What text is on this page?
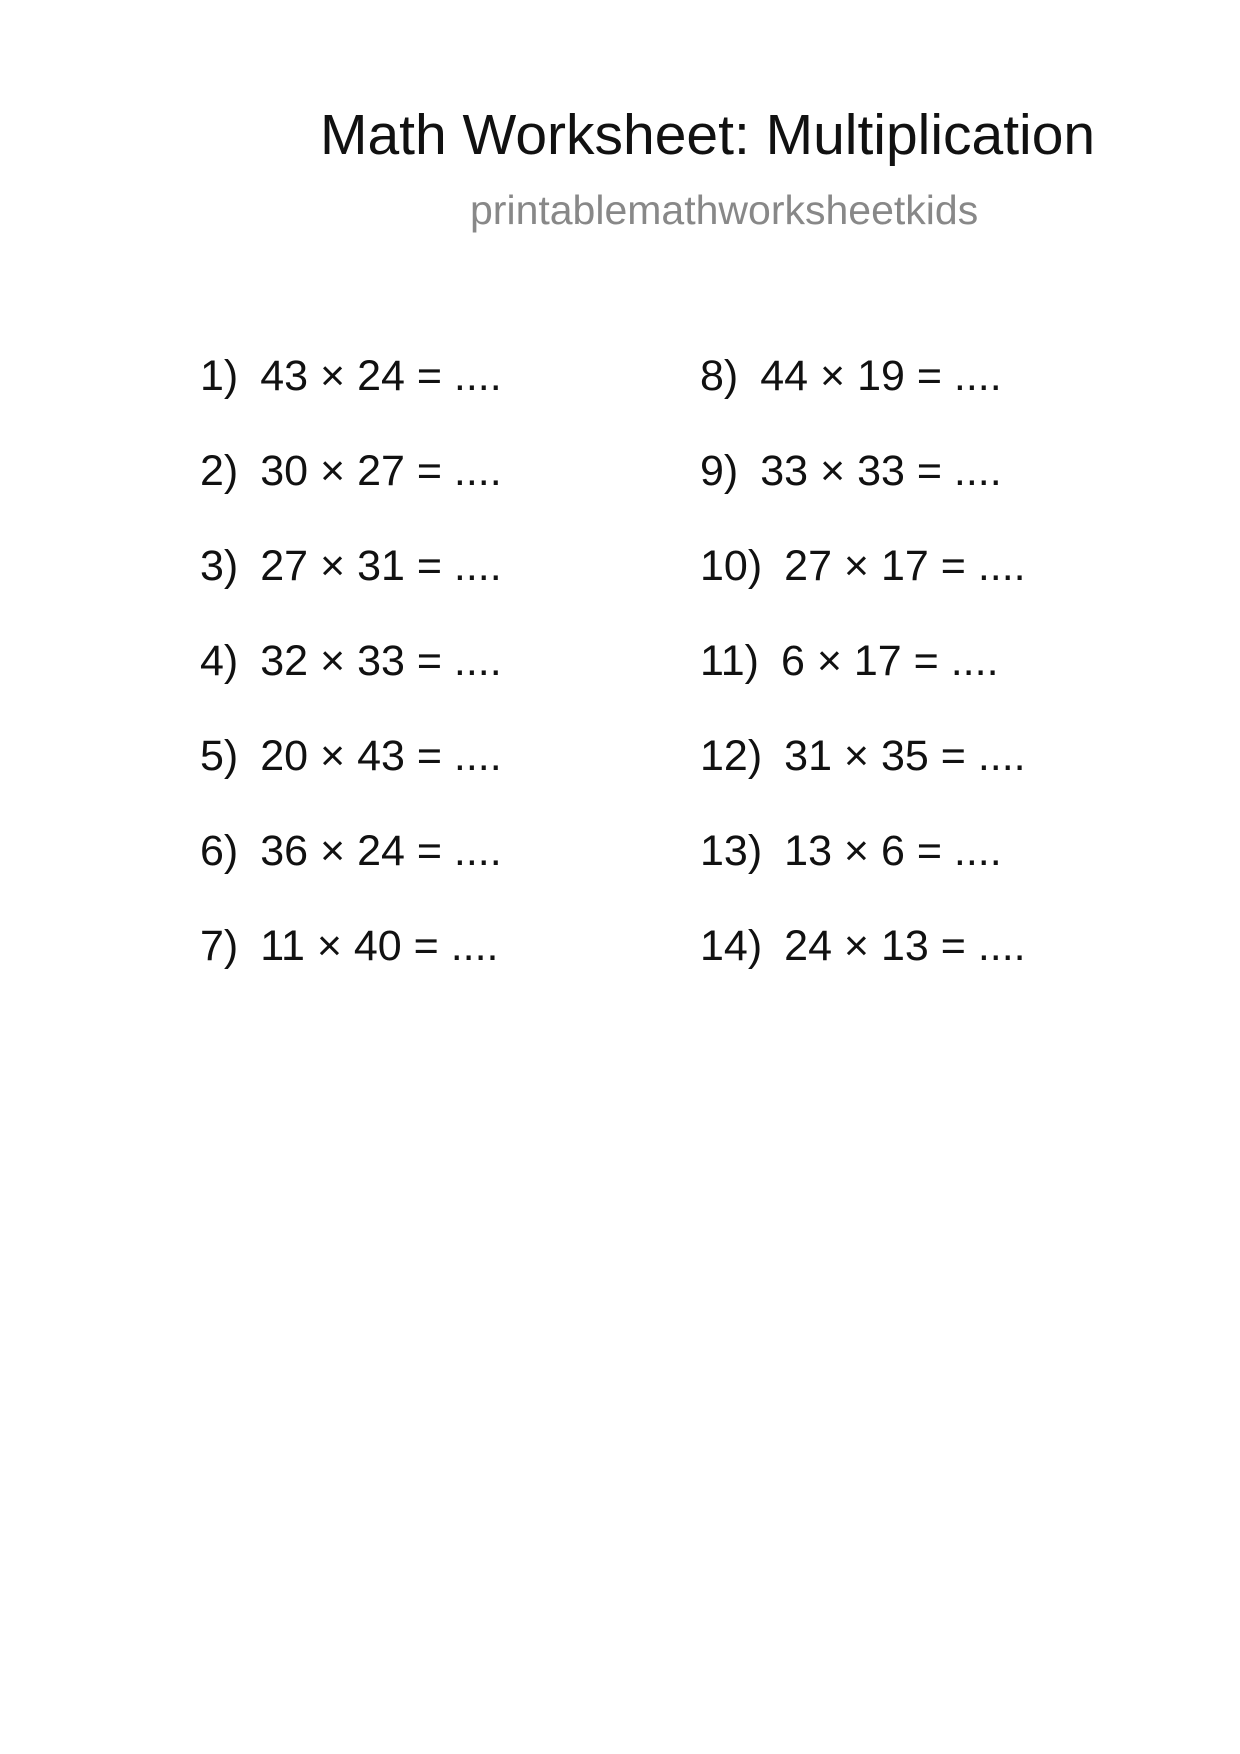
Math Worksheet: Multiplication
printablemathworksheetkids
1) 43 × 24 = ....
2) 30 × 27 = ....
3) 27 × 31 = ....
4) 32 × 33 = ....
5) 20 × 43 = ....
6) 36 × 24 = ....
7) 11 × 40 = ....
8) 44 × 19 = ....
9) 33 × 33 = ....
10) 27 × 17 = ....
11) 6 × 17 = ....
12) 31 × 35 = ....
13) 13 × 6 = ....
14) 24 × 13 = ....
